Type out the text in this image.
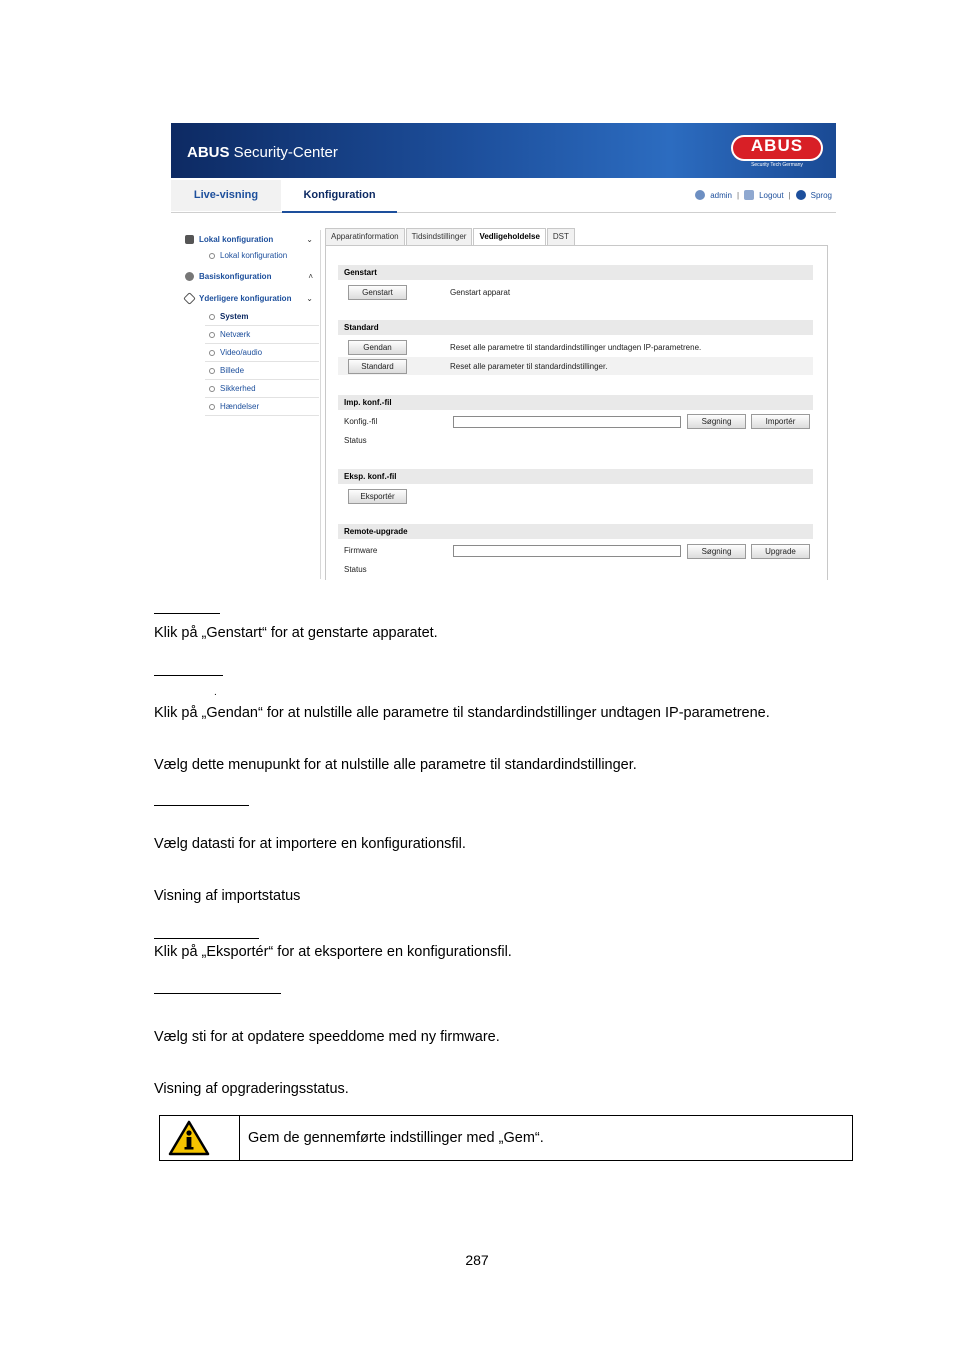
ABUS Security-Center	ABUS
Security Tech Germany
Live-visning	Konfiguration	admin |	Logout |	Sprog
Lokal konfiguration	⌄
Lokal konfiguration
Basiskonfiguration	˄
Yderligere konfiguration ⌄
System
Netværk
Video/audio
Billede
Sikkerhed
Hændelser
Apparatinformation	Tidsindstillinger	Vedligeholdelse	DST
Genstart
Genstart	Genstart apparat
Standard
Gendan	Reset alle parametre til standardindstillinger undtagen IP-parametrene.
Standard	Reset alle parameter til standardindstillinger.
Imp. konf.-fil
Konfig.-fil	Søgning	Importér
Status
Eksp. konf.-fil
Eksportér
Remote-upgrade
Firmware	Søgning	Upgrade
Status
Klik på „Genstart“ for at genstarte apparatet.
.
Klik på „Gendan“ for at nulstille alle parametre til standardindstillinger undtagen IP-parametrene.
Vælg dette menupunkt for at nulstille alle parametre til standardindstillinger.
Vælg datasti for at importere en konfigurationsfil.
Visning af importstatus
Klik på „Eksportér“ for at eksportere en konfigurationsfil.
Vælg sti for at opdatere speeddome med ny firmware.
Visning af opgraderingsstatus.
Gem de gennemførte indstillinger med „Gem“.
287
